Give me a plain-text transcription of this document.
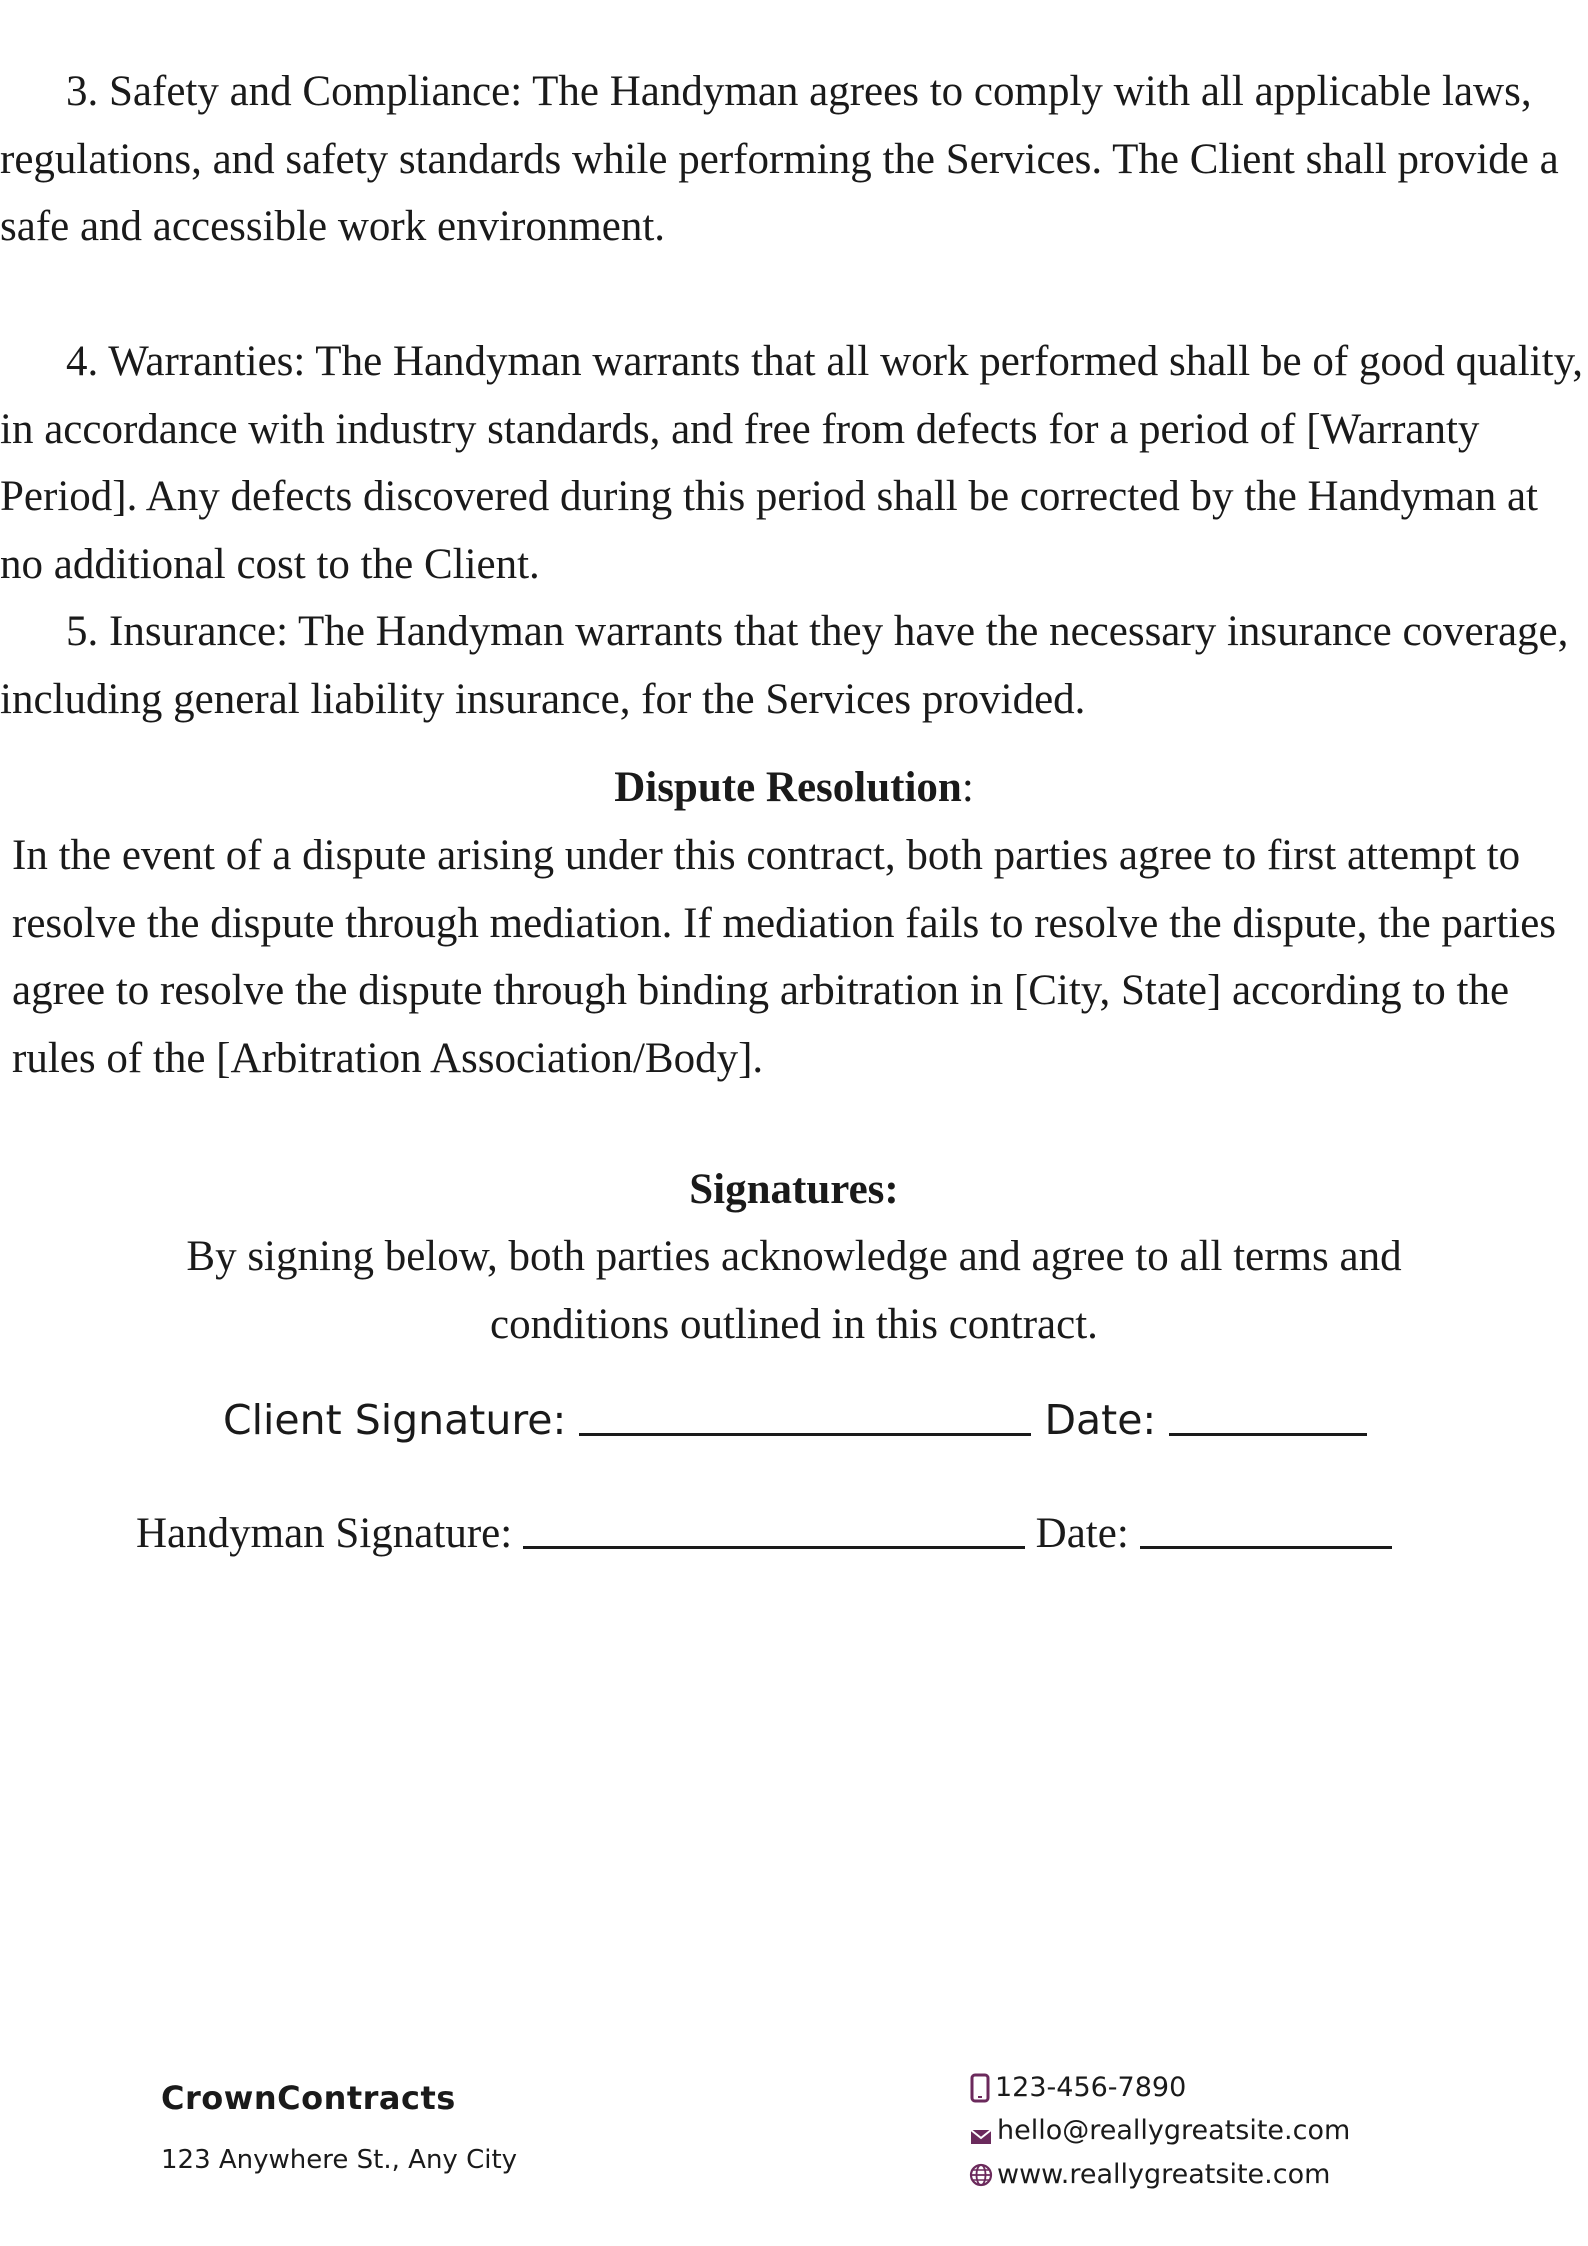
3. Safety and Compliance: The Handyman agrees to comply with all applicable laws, regulations, and safety standards while performing the Services. The Client shall provide a safe and accessible work environment.

4. Warranties: The Handyman warrants that all work performed shall be of good quality, in accordance with industry standards, and free from defects for a period of [Warranty Period]. Any defects discovered during this period shall be corrected by the Handyman at no additional cost to the Client.

5. Insurance: The Handyman warrants that they have the necessary insurance coverage, including general liability insurance, for the Services provided.

Dispute Resolution:

In the event of a dispute arising under this contract, both parties agree to first attempt to resolve the dispute through mediation. If mediation fails to resolve the dispute, the parties agree to resolve the dispute through binding arbitration in [City, State] according to the rules of the [Arbitration Association/Body].

Signatures:

By signing below, both parties acknowledge and agree to all terms and conditions outlined in this contract.

Client Signature:	Date:
Handyman Signature:	Date:
CrownContracts
123 Anywhere St., Any City
123-456-7890
hello@reallygreatsite.com
www.reallygreatsite.com
